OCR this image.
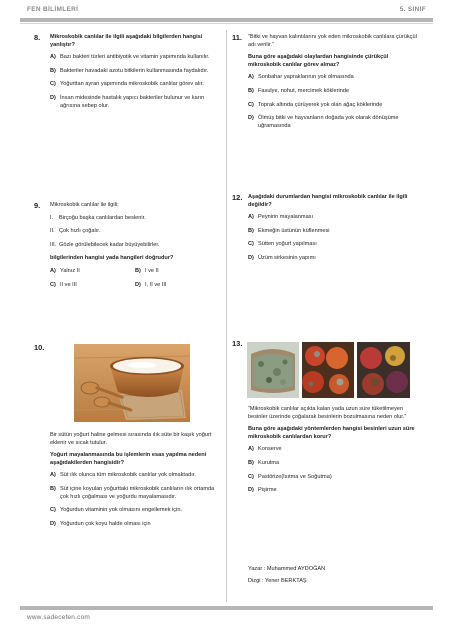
FEN BİLİMLERİ	5. SINIF
8. Mikroskobik canlılar ile ilgili aşağıdaki bilgilerden hangisi yanlıştır?

A) Bazı bakteri türleri antibiyotik ve vitamin yapımında kullanılır.
B) Bakteriler havadaki azotu bitkilerin kullanmasında faydalıdır.
C) Yoğurttan ayran yapımında mikroskobik canlılar görev alır.
D) İnsan midesinde hastalık yapıcı bakteriler bulunur ve karın ağrısına sebep olur.
9. Mikroskobik canlılar ile ilgili;

I.	Birçoğu başka canlılardan beslenir.
II. Çok hızlı çoğalır.
III. Gözle görülebilecek kadar büyüyebilirler.

bilgilerinden hangisi yada hangileri doğrudur?

A) Yalnız II	B) I ve II
C) II ve III	D) I, II ve III
10.

Bir sütün yoğurt haline gelmesi sırasında ılık süte bir kaşık yoğurt eklenir ve sıcak tutulur.

Yoğurt mayalanmasında bu işlemlerin esas yapılma nedeni aşağıdakilerden hangisidir?

A) Süt ılık olunca tüm mikroskobik canlılar yok olmaktadır.
B) Süt içine koyulan yoğurttaki mikroskobik canlıların ılık ortamda çok hızlı çoğalması ve yoğurdu mayalamasıdır.
C) Yoğurdun vitaminin yok olmasını engellemek için.
D) Yoğurdun çok koyu halde olması için
11. “Bitki ve hayvan kalıntılarını yok eden mikroskobik canlılara çürükçül adı verilir.”

Buna göre aşağıdaki olaylardan hangisinde çürükçül mikroskobik canlılar görev almaz?

A) Sonbahar yapraklarının yok olmasında
B) Fasulye, nohut, mercimek köklerinde
C) Toprak altında çürüyerek yok olan ağaç köklerinde
D) Ölmüş bitki ve hayvanların doğada yok olarak dönüşüme uğramasında
12. Aşağıdaki durumlardan hangisi mikroskobik canlılar ile ilgili değildir?

A) Peynirin mayalanması
B) Ekmeğin üstünün küflenmesi
C) Sütten yoğurt yapılması
D) Üzüm sirkesinin yapımı
13.

“Mikroskobik canlılar açıkta kalan yada uzun süre tüketilmeyen besinler üzerinde çoğalarak besinlerin bozulmasına neden olur.”

Buna göre aşağıdaki yöntemlerden hangisi besinleri uzun süre mikroskobik canlılardan korur?

A) Konserve
B) Kurutma
C) Pastörize(Isıtma ve Soğutma)
D) Pişirme
Yazar : Muhammed AYDOĞAN
Dizgi : Yener BERKTAŞ
www.sadecefen.com
